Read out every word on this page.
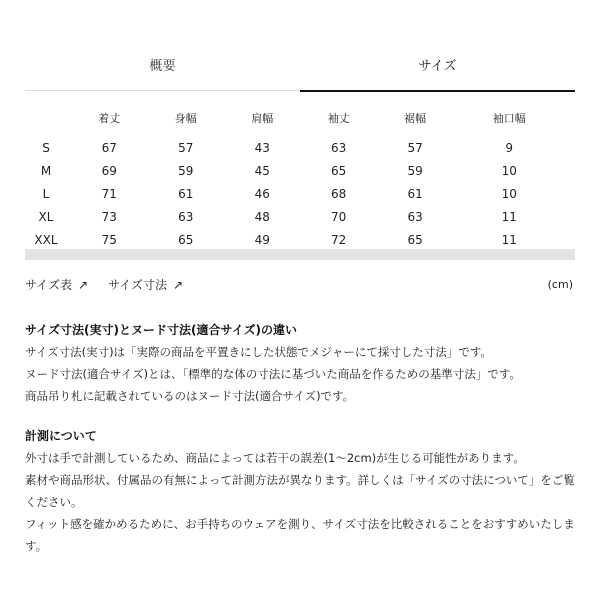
概要	サイズ
	着丈	身幅	肩幅	袖丈	裾幅	袖口幅
S	67	57	43	63	57	9
M	69	59	45	65	59	10
L	71	61	46	68	61	10
XL	73	63	48	70	63	11
XXL	75	65	49	72	65	11
サイズ表 ↗ サイズ寸法 ↗	(cm)
サイズ寸法(実寸)とヌード寸法(適合サイズ)の違い

サイズ寸法(実寸)は「実際の商品を平置きにした状態でメジャーにて採寸した寸法」です。

ヌード寸法(適合サイズ)とは、「標準的な体の寸法に基づいた商品を作るための基準寸法」です。

商品吊り札に記載されているのはヌード寸法(適合サイズ)です。

計測について

外寸は手で計測しているため、商品によっては若干の誤差(1〜2cm)が生じる可能性があります。

素材や商品形状、付属品の有無によって計測方法が異なります。詳しくは「サイズの寸法について」をご覧ください。

フィット感を確かめるために、お手持ちのウェアを測り、サイズ寸法を比較されることをおすすめいたします。
